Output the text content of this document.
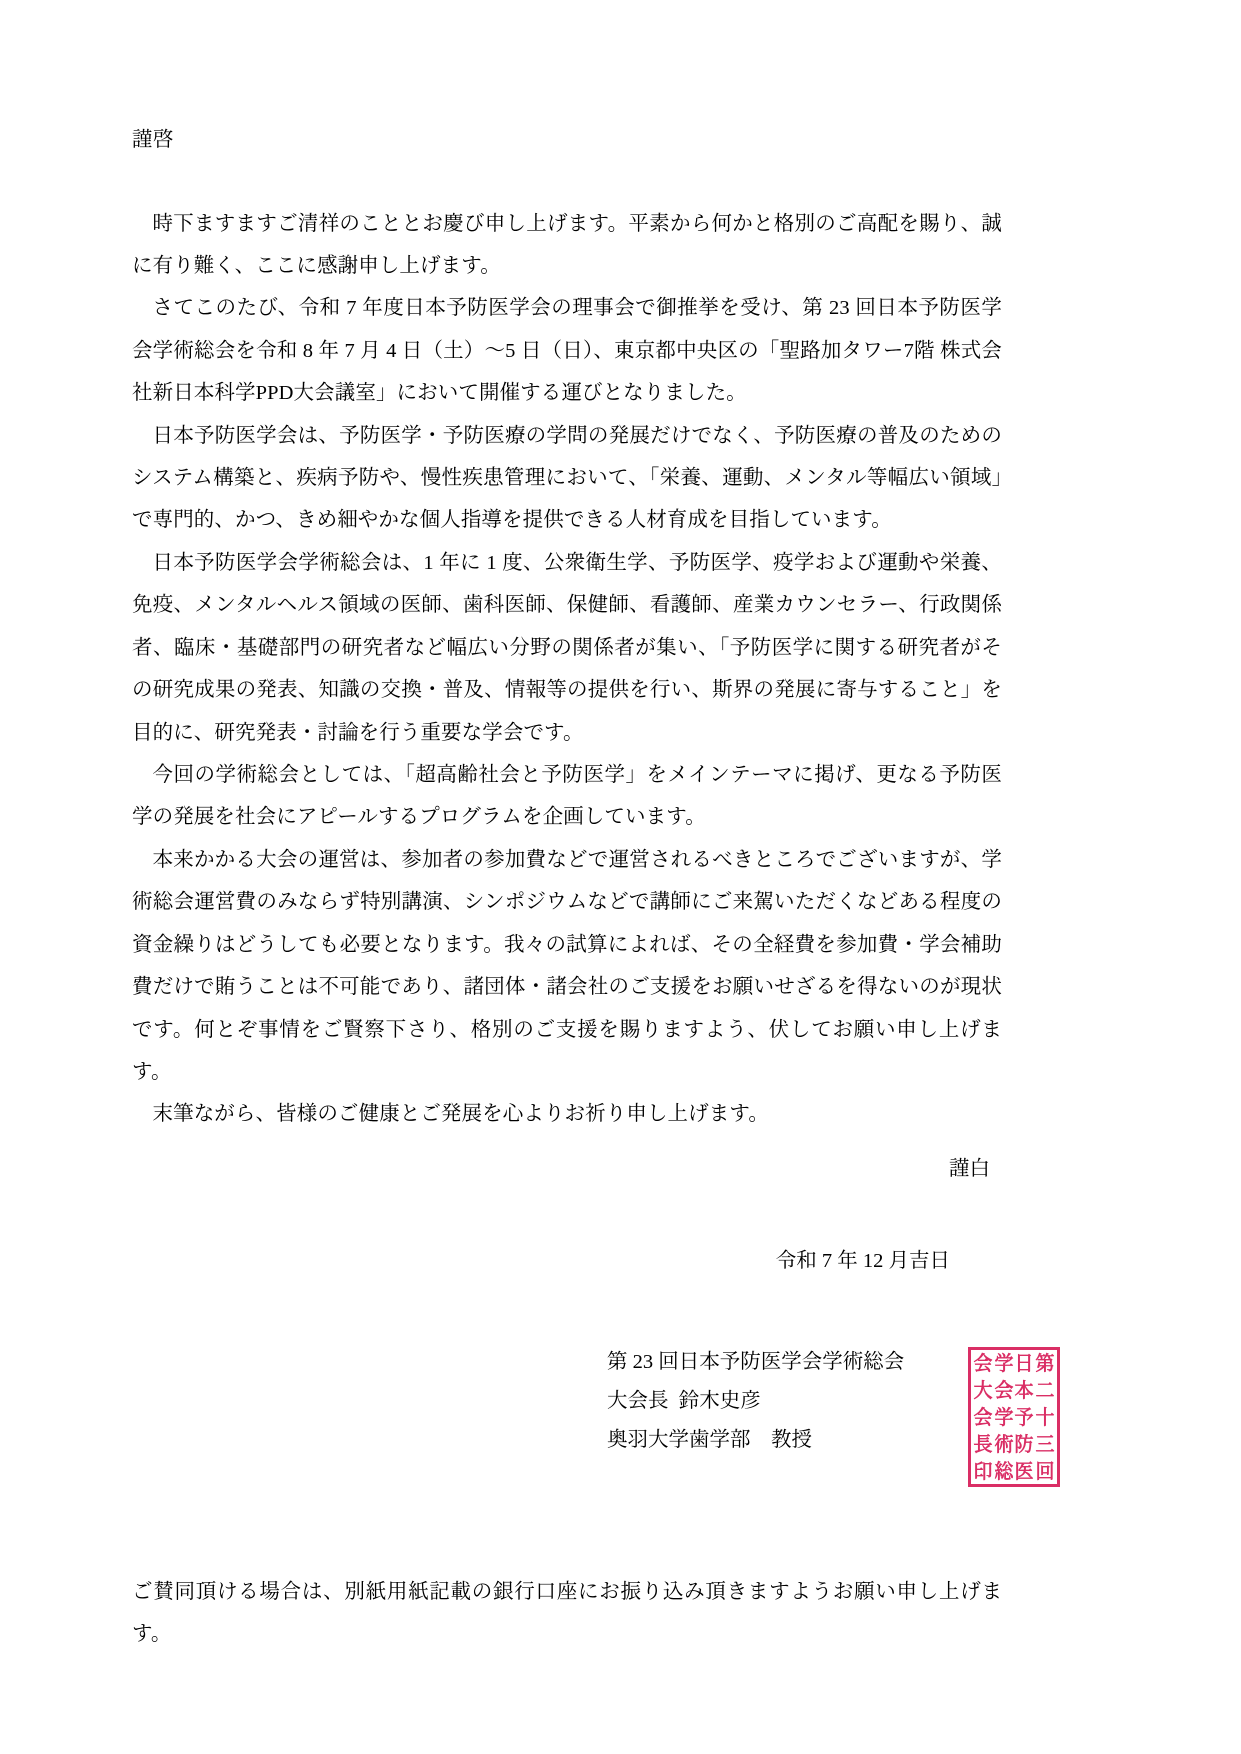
謹啓

時下ますますご清祥のこととお慶び申し上げます。平素から何かと格別のご高配を賜り、誠に有り難く、ここに感謝申し上げます。

さてこのたび、令和 7 年度日本予防医学会の理事会で御推挙を受け、第 23 回日本予防医学会学術総会を令和 8 年 7 月 4 日（土）〜5 日（日）、東京都中央区の「聖路加タワー7階 株式会社新日本科学PPD大会議室」において開催する運びとなりました。

日本予防医学会は、予防医学・予防医療の学問の発展だけでなく、予防医療の普及のためのシステム構築と、疾病予防や、慢性疾患管理において、「栄養、運動、メンタル等幅広い領域」で専門的、かつ、きめ細やかな個人指導を提供できる人材育成を目指しています。

日本予防医学会学術総会は、1 年に 1 度、公衆衛生学、予防医学、疫学および運動や栄養、免疫、メンタルヘルス領域の医師、歯科医師、保健師、看護師、産業カウンセラー、行政関係者、臨床・基礎部門の研究者など幅広い分野の関係者が集い、「予防医学に関する研究者がその研究成果の発表、知識の交換・普及、情報等の提供を行い、斯界の発展に寄与すること」を目的に、研究発表・討論を行う重要な学会です。

今回の学術総会としては、「超高齢社会と予防医学」をメインテーマに掲げ、更なる予防医学の発展を社会にアピールするプログラムを企画しています。

本来かかる大会の運営は、参加者の参加費などで運営されるべきところでございますが、学術総会運営費のみならず特別講演、シンポジウムなどで講師にご来駕いただくなどある程度の資金繰りはどうしても必要となります。我々の試算によれば、その全経費を参加費・学会補助費だけで賄うことは不可能であり、諸団体・諸会社のご支援をお願いせざるを得ないのが現状です。何とぞ事情をご賢察下さり、格別のご支援を賜りますよう、伏してお願い申し上げます。

末筆ながら、皆様のご健康とご発展を心よりお祈り申し上げます。

謹白
令和 7 年 12 月吉日
第 23 回日本予防医学会学術総会
大会長  鈴木史彦
奥羽大学歯学部　教授
第
二
十
三
回
日
本
予
防
医
学
会
学
術
総
会
大
会
長
印

ご賛同頂ける場合は、別紙用紙記載の銀行口座にお振り込み頂きますようお願い申し上げます。
